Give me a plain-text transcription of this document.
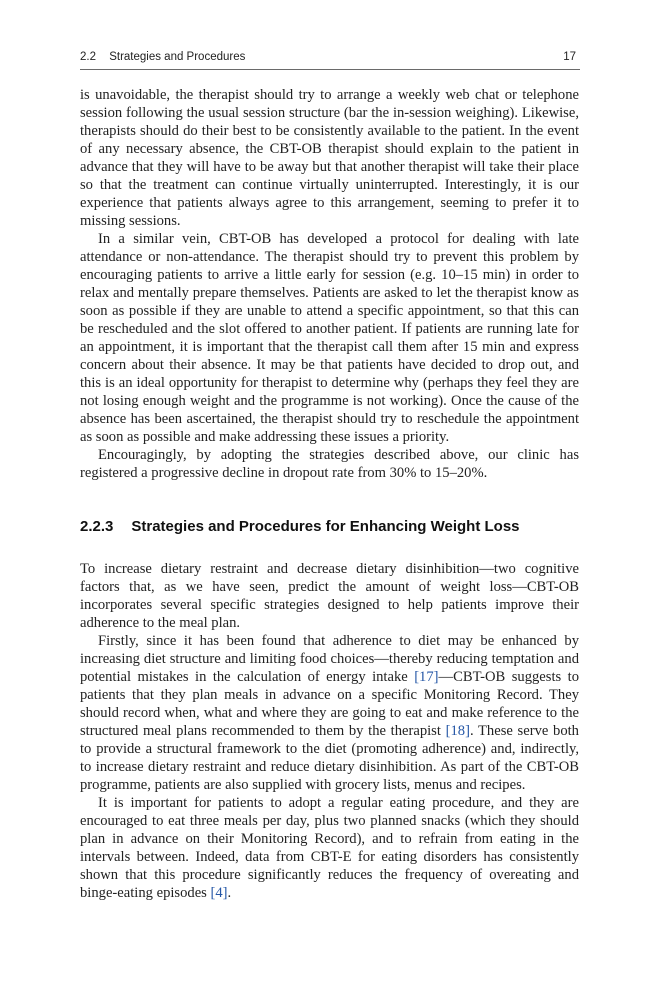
2.2 Strategies and Procedures	17

is unavoidable, the therapist should try to arrange a weekly web chat or telephone session following the usual session structure (bar the in-session weighing). Likewise, therapists should do their best to be consistently available to the patient. In the event of any necessary absence, the CBT-OB therapist should explain to the patient in advance that they will have to be away but that another therapist will take their place so that the treatment can continue virtually uninterrupted. Interestingly, it is our experience that patients always agree to this arrangement, seeming to prefer it to missing sessions.

In a similar vein, CBT-OB has developed a protocol for dealing with late attendance or non-attendance. The therapist should try to prevent this problem by encouraging patients to arrive a little early for session (e.g. 10–15 min) in order to relax and mentally prepare themselves. Patients are asked to let the therapist know as soon as possible if they are unable to attend a specific appointment, so that this can be rescheduled and the slot offered to another patient. If patients are running late for an appointment, it is important that the therapist call them after 15 min and express concern about their absence. It may be that patients have decided to drop out, and this is an ideal opportunity for therapist to determine why (perhaps they feel they are not losing enough weight and the programme is not working). Once the cause of the absence has been ascertained, the therapist should try to reschedule the appointment as soon as possible and make addressing these issues a priority.

Encouragingly, by adopting the strategies described above, our clinic has registered a progressive decline in dropout rate from 30% to 15–20%.

2.2.3 Strategies and Procedures for Enhancing Weight Loss

To increase dietary restraint and decrease dietary disinhibition—two cognitive factors that, as we have seen, predict the amount of weight loss—CBT-OB incorporates several specific strategies designed to help patients improve their adherence to the meal plan.

Firstly, since it has been found that adherence to diet may be enhanced by increasing diet structure and limiting food choices—thereby reducing temptation and potential mistakes in the calculation of energy intake [17]—CBT-OB suggests to patients that they plan meals in advance on a specific Monitoring Record. They should record when, what and where they are going to eat and make reference to the structured meal plans recommended to them by the therapist [18]. These serve both to provide a structural framework to the diet (promoting adherence) and, indirectly, to increase dietary restraint and reduce dietary disinhibition. As part of the CBT-OB programme, patients are also supplied with grocery lists, menus and recipes.

It is important for patients to adopt a regular eating procedure, and they are encouraged to eat three meals per day, plus two planned snacks (which they should plan in advance on their Monitoring Record), and to refrain from eating in the intervals between. Indeed, data from CBT-E for eating disorders has consistently shown that this procedure significantly reduces the frequency of overeating and binge-eating episodes [4].
